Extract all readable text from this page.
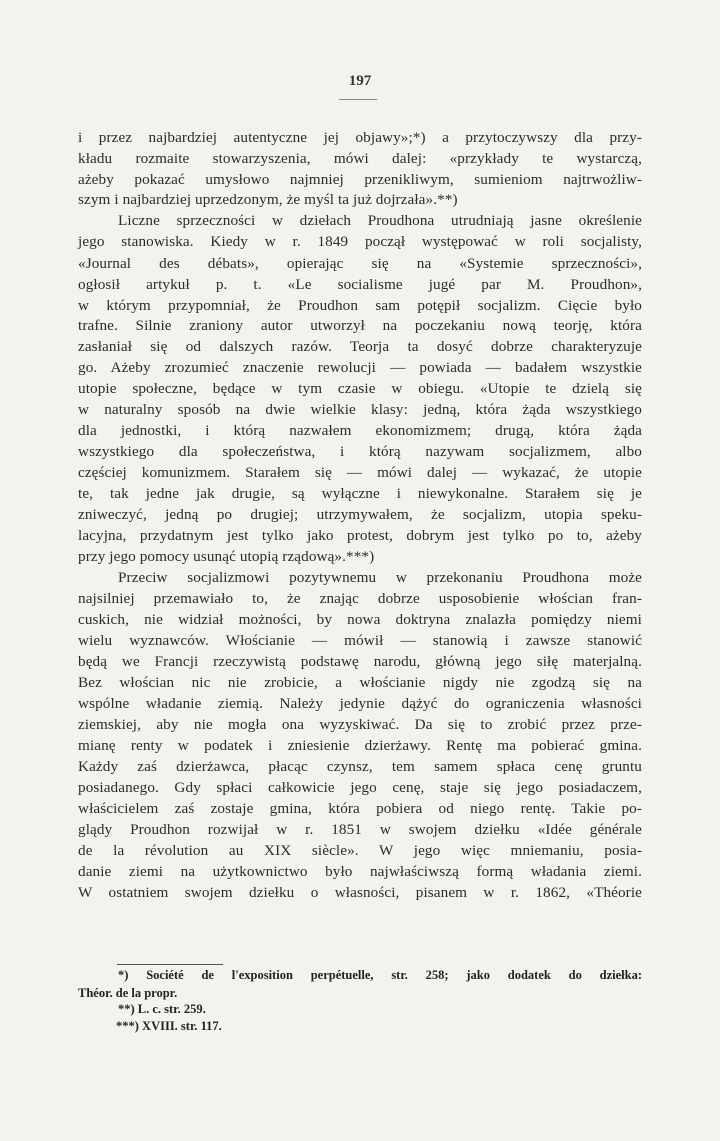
197
i przez najbardziej autentyczne jej objawy»;*) a przytoczywszy dla przy-
kładu rozmaite stowarzyszenia, mówi dalej: «przykłady te wystarczą,
ażeby pokazać umysłowo najmniej przenikliwym, sumieniom najtrwożliw-
szym i najbardziej uprzedzonym, że myśl ta już dojrzała».**)
Liczne sprzeczności w dziełach Proudhona utrudniają jasne określenie
jego stanowiska. Kiedy w r. 1849 począł występować w roli socjalisty,
«Journal des débats», opierając się na «Systemie sprzeczności»,
ogłosił artykuł p. t. «Le socialisme jugé par M. Proudhon»,
w którym przypomniał, że Proudhon sam potępił socjalizm. Cięcie było
trafne. Silnie zraniony autor utworzył na poczekaniu nową teorję, która
zasłaniał się od dalszych razów. Teorja ta dosyć dobrze charakteryzuje
go. Ażeby zrozumieć znaczenie rewolucji — powiada — badałem wszystkie
utopie społeczne, będące w tym czasie w obiegu. «Utopie te dzielą się
w naturalny sposób na dwie wielkie klasy: jedną, która żąda wszystkiego
dla jednostki, i którą nazwałem ekonomizmem; drugą, która żąda
wszystkiego dla społeczeństwa, i którą nazywam socjalizmem, albo
częściej komunizmem. Starałem się — mówi dalej — wykazać, że utopie
te, tak jedne jak drugie, są wyłączne i niewykonalne. Starałem się je
zniweczyć, jedną po drugiej; utrzymywałem, że socjalizm, utopia speku-
lacyjna, przydatnym jest tylko jako protest, dobrym jest tylko po to, ażeby
przy jego pomocy usunąć utopią rządową».***)
Przeciw socjalizmowi pozytywnemu w przekonaniu Proudhona może
najsilniej przemawiało to, że znając dobrze usposobienie włościan fran-
cuskich, nie widział możności, by nowa doktryna znalazła pomiędzy niemi
wielu wyznawców. Włościanie — mówił — stanowią i zawsze stanowić
będą we Francji rzeczywistą podstawę narodu, główną jego siłę materjalną.
Bez włościan nic nie zrobicie, a włościanie nigdy nie zgodzą się na
wspólne władanie ziemią. Należy jedynie dążyć do ograniczenia własności
ziemskiej, aby nie mogła ona wyzyskiwać. Da się to zrobić przez prze-
mianę renty w podatek i zniesienie dzierżawy. Rentę ma pobierać gmina.
Każdy zaś dzierżawca, płacąc czynsz, tem samem spłaca cenę gruntu
posiadanego. Gdy spłaci całkowicie jego cenę, staje się jego posiadaczem,
właścicielem zaś zostaje gmina, która pobiera od niego rentę. Takie po-
glądy Proudhon rozwijał w r. 1851 w swojem dziełku «Idée générale
de la révolution au XIX siècle». W jego więc mniemaniu, posia-
danie ziemi na użytkownictwo było najwłaściwszą formą władania ziemi.
W ostatniem swojem dziełku o własności, pisanem w r. 1862, «Théorie
*) Société de l'exposition perpétuelle, str. 258; jako dodatek do dziełka:
Théor. de la propr.
**) L. c. str. 259.
***) XVIII. str. 117.
